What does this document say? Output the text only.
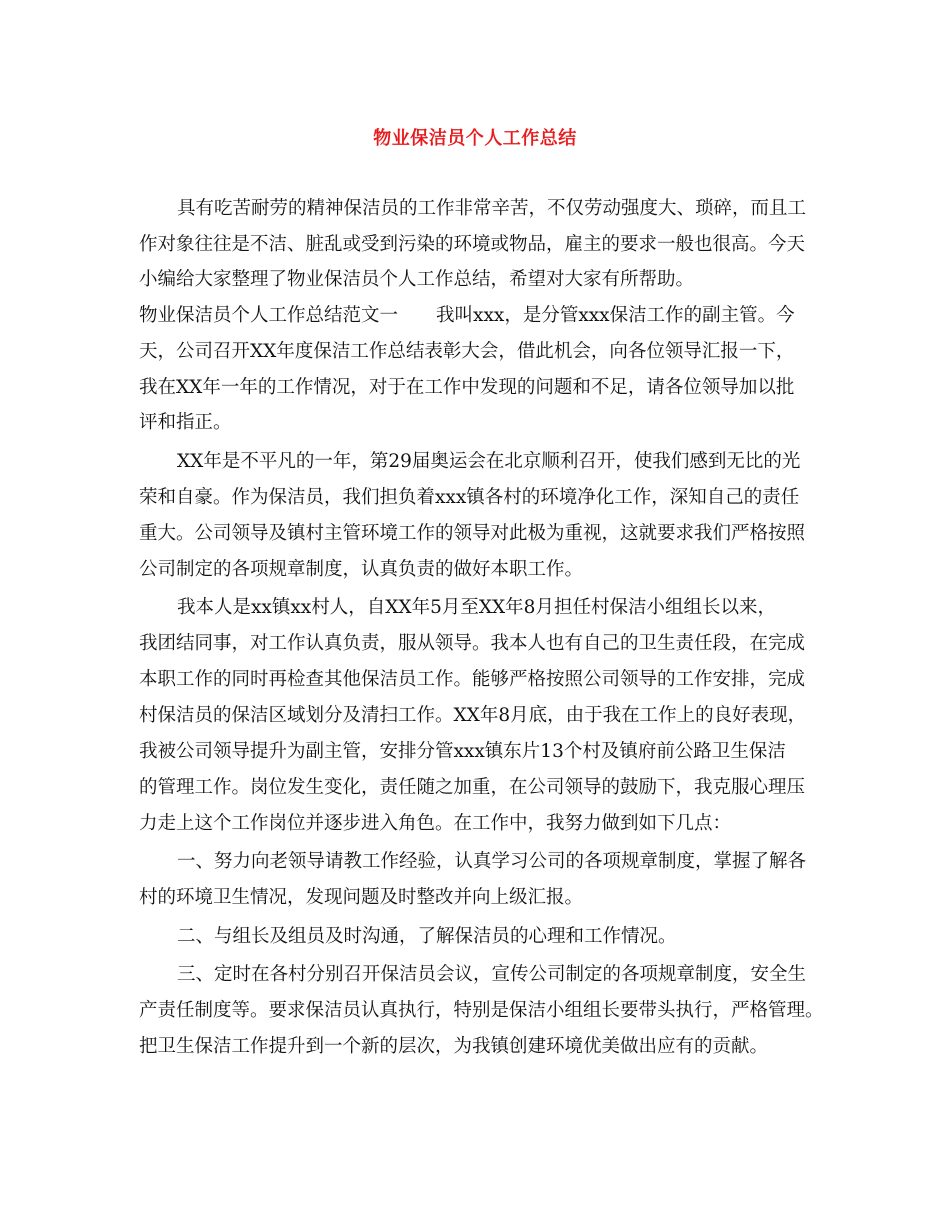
物业保洁员个人工作总结
具有吃苦耐劳的精神保洁员的工作非常辛苦，不仅劳动强度大、琐碎，而且工
作对象往往是不洁、脏乱或受到污染的环境或物品，雇主的要求一般也很高。今天
小编给大家整理了物业保洁员个人工作总结，希望对大家有所帮助。
物业保洁员个人工作总结范文一 我叫xxx，是分管xxx保洁工作的副主管。今
天，公司召开XX年度保洁工作总结表彰大会，借此机会，向各位领导汇报一下，
我在XX年一年的工作情况，对于在工作中发现的问题和不足，请各位领导加以批
评和指正。
XX年是不平凡的一年，第29届奥运会在北京顺利召开，使我们感到无比的光
荣和自豪。作为保洁员，我们担负着xxx镇各村的环境净化工作，深知自己的责任
重大。公司领导及镇村主管环境工作的领导对此极为重视，这就要求我们严格按照
公司制定的各项规章制度，认真负责的做好本职工作。
我本人是xx镇xx村人，自XX年5月至XX年8月担任村保洁小组组长以来，
我团结同事，对工作认真负责，服从领导。我本人也有自己的卫生责任段，在完成
本职工作的同时再检查其他保洁员工作。能够严格按照公司领导的工作安排，完成
村保洁员的保洁区域划分及清扫工作。XX年8月底，由于我在工作上的良好表现，
我被公司领导提升为副主管，安排分管xxx镇东片13个村及镇府前公路卫生保洁
的管理工作。岗位发生变化，责任随之加重，在公司领导的鼓励下，我克服心理压
力走上这个工作岗位并逐步进入角色。在工作中，我努力做到如下几点：
一、努力向老领导请教工作经验，认真学习公司的各项规章制度，掌握了解各
村的环境卫生情况，发现问题及时整改并向上级汇报。
二、与组长及组员及时沟通，了解保洁员的心理和工作情况。
三、定时在各村分别召开保洁员会议，宣传公司制定的各项规章制度，安全生
产责任制度等。要求保洁员认真执行，特别是保洁小组组长要带头执行，严格管理。
把卫生保洁工作提升到一个新的层次，为我镇创建环境优美做出应有的贡献。
